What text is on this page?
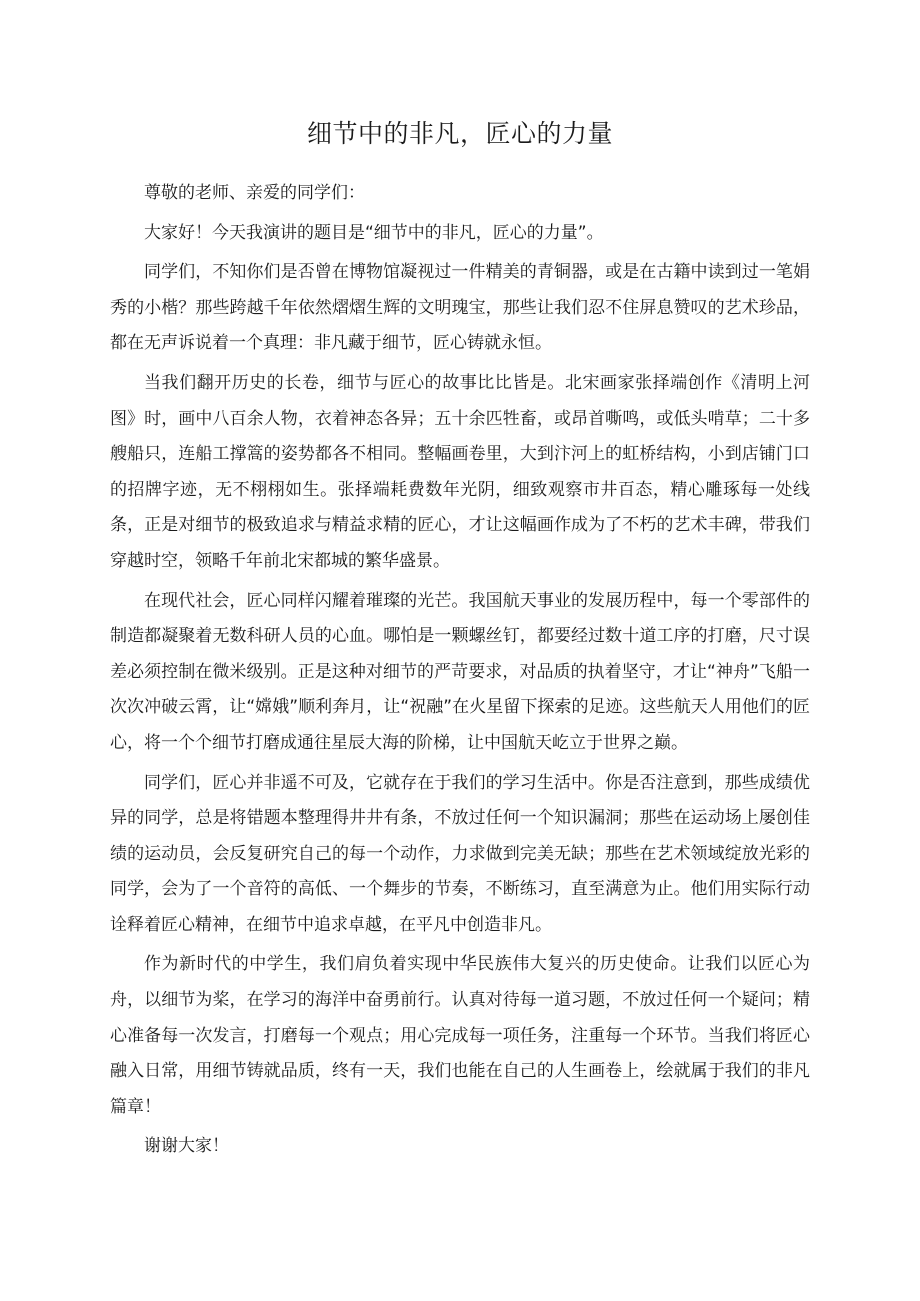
细节中的非凡，匠心的力量

尊敬的老师、亲爱的同学们：

大家好！今天我演讲的题目是“细节中的非凡，匠心的力量”。

同学们，不知你们是否曾在博物馆凝视过一件精美的青铜器，或是在古籍中读到过一笔娟秀的小楷？那些跨越千年依然熠熠生辉的文明瑰宝，那些让我们忍不住屏息赞叹的艺术珍品，都在无声诉说着一个真理：非凡藏于细节，匠心铸就永恒。

当我们翻开历史的长卷，细节与匠心的故事比比皆是。北宋画家张择端创作《清明上河图》时，画中八百余人物，衣着神态各异；五十余匹牲畜，或昂首嘶鸣，或低头啃草；二十多艘船只，连船工撑篙的姿势都各不相同。整幅画卷里，大到汴河上的虹桥结构，小到店铺门口的招牌字迹，无不栩栩如生。张择端耗费数年光阴，细致观察市井百态，精心雕琢每一处线条，正是对细节的极致追求与精益求精的匠心，才让这幅画作成为了不朽的艺术丰碑，带我们穿越时空，领略千年前北宋都城的繁华盛景。

在现代社会，匠心同样闪耀着璀璨的光芒。我国航天事业的发展历程中，每一个零部件的制造都凝聚着无数科研人员的心血。哪怕是一颗螺丝钉，都要经过数十道工序的打磨，尺寸误差必须控制在微米级别。正是这种对细节的严苛要求，对品质的执着坚守，才让“神舟”飞船一次次冲破云霄，让“嫦娥”顺利奔月，让“祝融”在火星留下探索的足迹。这些航天人用他们的匠心，将一个个细节打磨成通往星辰大海的阶梯，让中国航天屹立于世界之巅。

同学们，匠心并非遥不可及，它就存在于我们的学习生活中。你是否注意到，那些成绩优异的同学，总是将错题本整理得井井有条，不放过任何一个知识漏洞；那些在运动场上屡创佳绩的运动员，会反复研究自己的每一个动作，力求做到完美无缺；那些在艺术领域绽放光彩的同学，会为了一个音符的高低、一个舞步的节奏，不断练习，直至满意为止。他们用实际行动诠释着匠心精神，在细节中追求卓越，在平凡中创造非凡。

作为新时代的中学生，我们肩负着实现中华民族伟大复兴的历史使命。让我们以匠心为舟，以细节为桨，在学习的海洋中奋勇前行。认真对待每一道习题，不放过任何一个疑问；精心准备每一次发言，打磨每一个观点；用心完成每一项任务，注重每一个环节。当我们将匠心融入日常，用细节铸就品质，终有一天，我们也能在自己的人生画卷上，绘就属于我们的非凡篇章！

谢谢大家！
